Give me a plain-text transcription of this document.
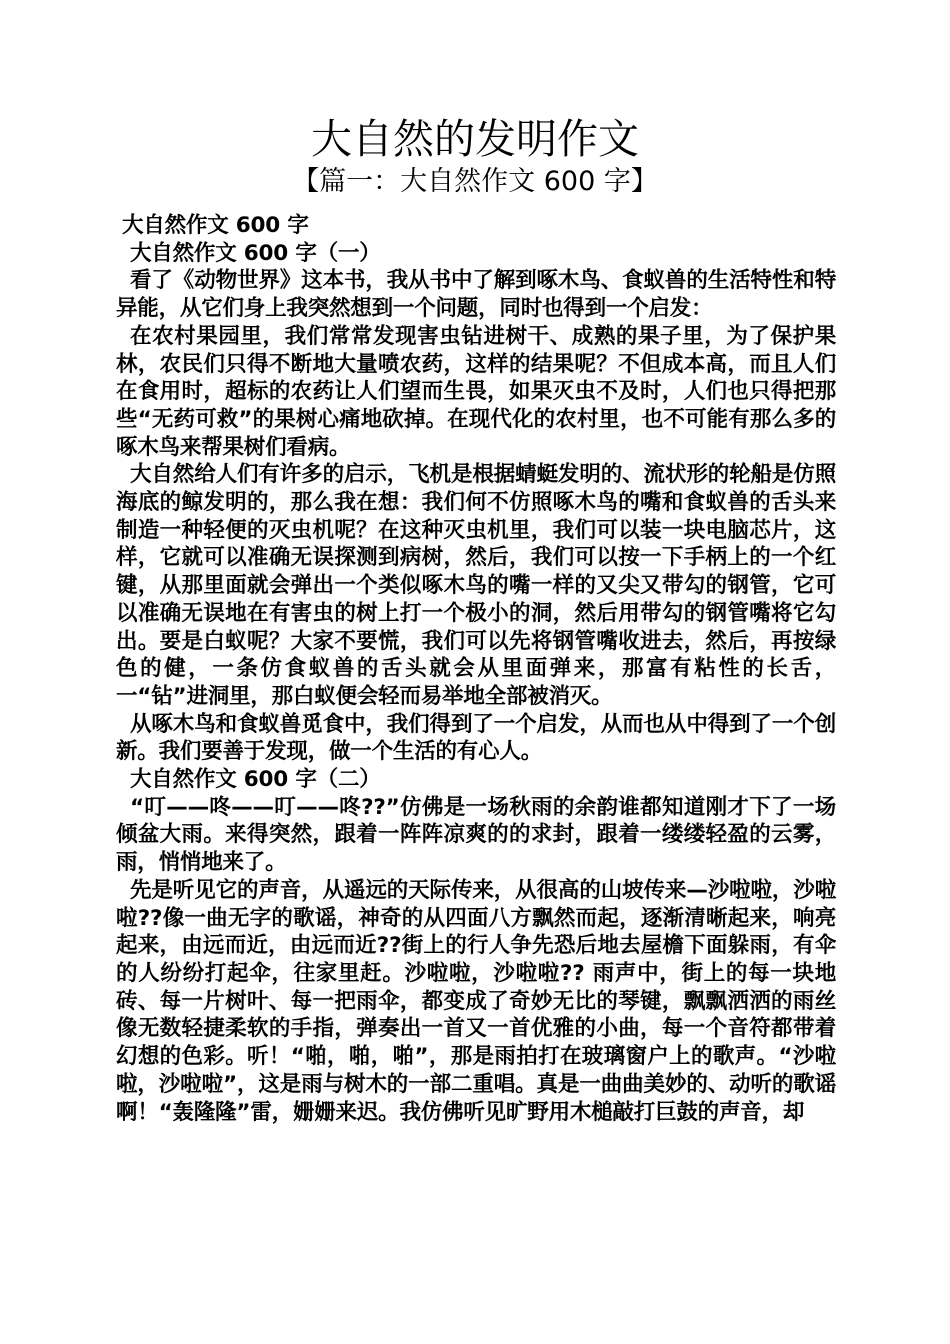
大自然的发明作文
【篇一：大自然作文 600 字】

大自然作文 600 字

大自然作文 600 字（一）

看了《动物世界》这本书，我从书中了解到啄木鸟、食蚁兽的生活特性和特异能，从它们身上我突然想到一个问题，同时也得到一个启发：

在农村果园里，我们常常发现害虫钻进树干、成熟的果子里，为了保护果林，农民们只得不断地大量喷农药，这样的结果呢？不但成本高，而且人们在食用时，超标的农药让人们望而生畏，如果灭虫不及时，人们也只得把那些“无药可救”的果树心痛地砍掉。在现代化的农村里，也不可能有那么多的啄木鸟来帮果树们看病。

大自然给人们有许多的启示，飞机是根据蜻蜓发明的、流状形的轮船是仿照海底的鲸发明的，那么我在想：我们何不仿照啄木鸟的嘴和食蚁兽的舌头来制造一种轻便的灭虫机呢？在这种灭虫机里，我们可以装一块电脑芯片，这样，它就可以准确无误探测到病树，然后，我们可以按一下手柄上的一个红键，从那里面就会弹出一个类似啄木鸟的嘴一样的又尖又带勾的钢管，它可以准确无误地在有害虫的树上打一个极小的洞，然后用带勾的钢管嘴将它勾出。要是白蚁呢？大家不要慌，我们可以先将钢管嘴收进去，然后，再按绿色的健，一条仿食蚁兽的舌头就会从里面弹来，那富有粘性的长舌，一“钻”进洞里，那白蚁便会轻而易举地全部被消灭。

从啄木鸟和食蚁兽觅食中，我们得到了一个启发，从而也从中得到了一个创新。我们要善于发现，做一个生活的有心人。

大自然作文 600 字（二）

“叮——咚——叮——咚??”仿佛是一场秋雨的余韵谁都知道刚才下了一场倾盆大雨。来得突然，跟着一阵阵凉爽的的求封，跟着一缕缕轻盈的云雾，雨，悄悄地来了。

先是听见它的声音，从遥远的天际传来，从很高的山坡传来—沙啦啦，沙啦啦??像一曲无字的歌谣，神奇的从四面八方飘然而起，逐渐清晰起来，响亮起来，由远而近，由远而近??街上的行人争先恐后地去屋檐下面躲雨，有伞的人纷纷打起伞，往家里赶。沙啦啦，沙啦啦?? 雨声中，街上的每一块地砖、每一片树叶、每一把雨伞，都变成了奇妙无比的琴键，飘飘洒洒的雨丝像无数轻捷柔软的手指，弹奏出一首又一首优雅的小曲，每一个音符都带着幻想的色彩。听！“啪，啪，啪”，那是雨拍打在玻璃窗户上的歌声。“沙啦啦，沙啦啦”，这是雨与树木的一部二重唱。真是一曲曲美妙的、动听的歌谣啊！“轰隆隆”雷，姗姗来迟。我仿佛听见旷野用木槌敲打巨鼓的声音，却
